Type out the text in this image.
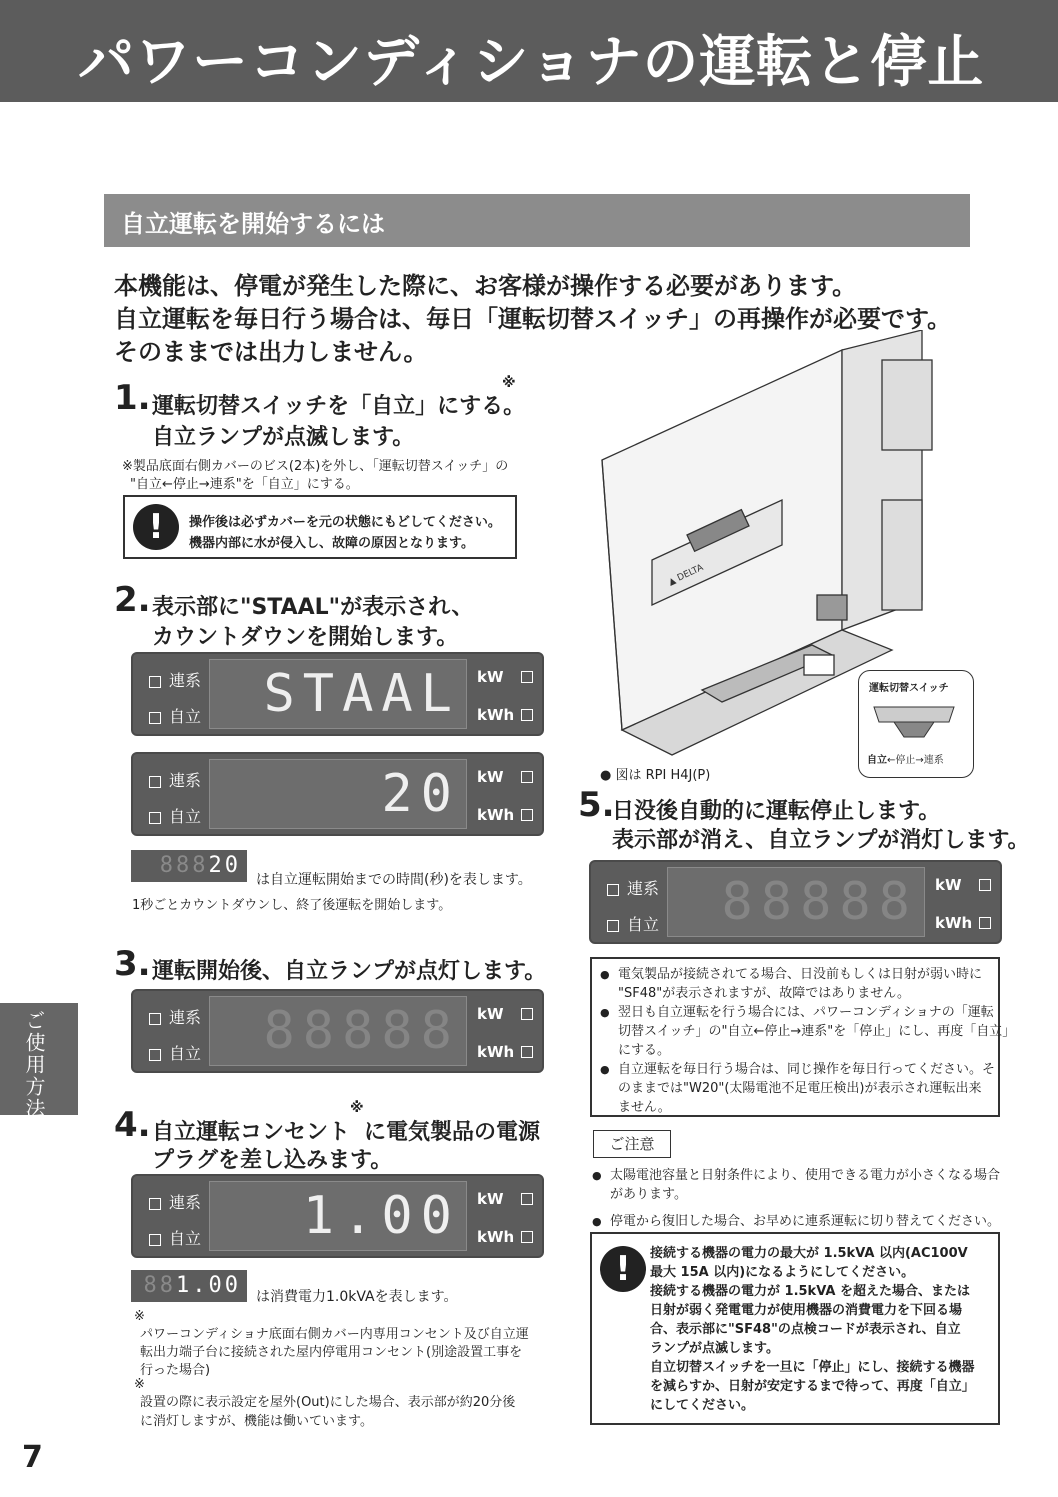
パワーコンディショナの運転と停止
自立運転を開始するには
本機能は、停電が発生した際に、お客様が操作する必要があります。
自立運転を毎日行う場合は、毎日「運転切替スイッチ」の再操作が必要です。
そのままでは出力しません。
1. 運転切替スイッチを「自立」にする。
※
自立ランプが点滅します。
※製品底面右側カバーのビス(2本)を外し、「運転切替スイッチ」の
"自立←停止→連系"を「自立」にする。
!	操作後は必ずカバーを元の状態にもどしてください。
機器内部に水が侵入し、故障の原因となります。
2. 表示部に"STAAL"が表示され、
カウントダウンを開始します。
連系
自立	STAAL kW
kWh
連系
自立	20 kW
kWh
88820
は自立運転開始までの時間(秒)を表します。
1秒ごとカウントダウンし、終了後運転を開始します。
3. 運転開始後、自立ランプが点灯します。
連系
自立	88888 kW
kWh
4. 自立運転コンセント
※
に電気製品の電源
プラグを差し込みます。
連系
自立	1.00 kW
kWh
881.00	は消費電力1.0kVAを表します。
※
パワーコンディショナ底面右側カバー内専用コンセント及び自立運
転出力端子台に接続された屋内停電用コンセント(別途設置工事を
行った場合)
※
設置の際に表示設定を屋外(Out)にした場合、表示部が約20分後
に消灯しますが、機能は働いています。
▲ DELTA
運転切替スイッチ
自立←停止→連系
● 図は RPI H4J(P)
5.
日没後自動的に運転停止します。
表示部が消え、自立ランプが消灯します。
連系
自立	88888 kW
kWh
● 電気製品が接続されてる場合、日没前もしくは日射が弱い時に
"SF48"が表示されますが、故障ではありません。
● 翌日も自立運転を行う場合には、パワーコンディショナの「運転
切替スイッチ」の"自立←停止→連系"を「停止」にし、再度「自立」
にする。
● 自立運転を毎日行う場合は、同じ操作を毎日行ってください。そ
のままでは"W20"(太陽電池不足電圧検出)が表示され運転出来
ません。
ご注意
● 太陽電池容量と日射条件により、使用できる電力が小さくなる場合
があります。
● 停電から復旧した場合、お早めに連系運転に切り替えてください。
!	接続する機器の電力の最大が 1.5kVA 以内(AC100V
最大 15A 以内)になるようにしてください。
接続する機器の電力が 1.5kVA を超えた場合、または
日射が弱く発電電力が使用機器の消費電力を下回る場
合、表示部に"SF48"の点検コードが表示され、自立
ランプが点滅します。
自立切替スイッチを一旦に「停止」にし、接続する機器
を減らすか、日射が安定するまで待って、再度「自立」
にしてください。
ご使用方法
7
